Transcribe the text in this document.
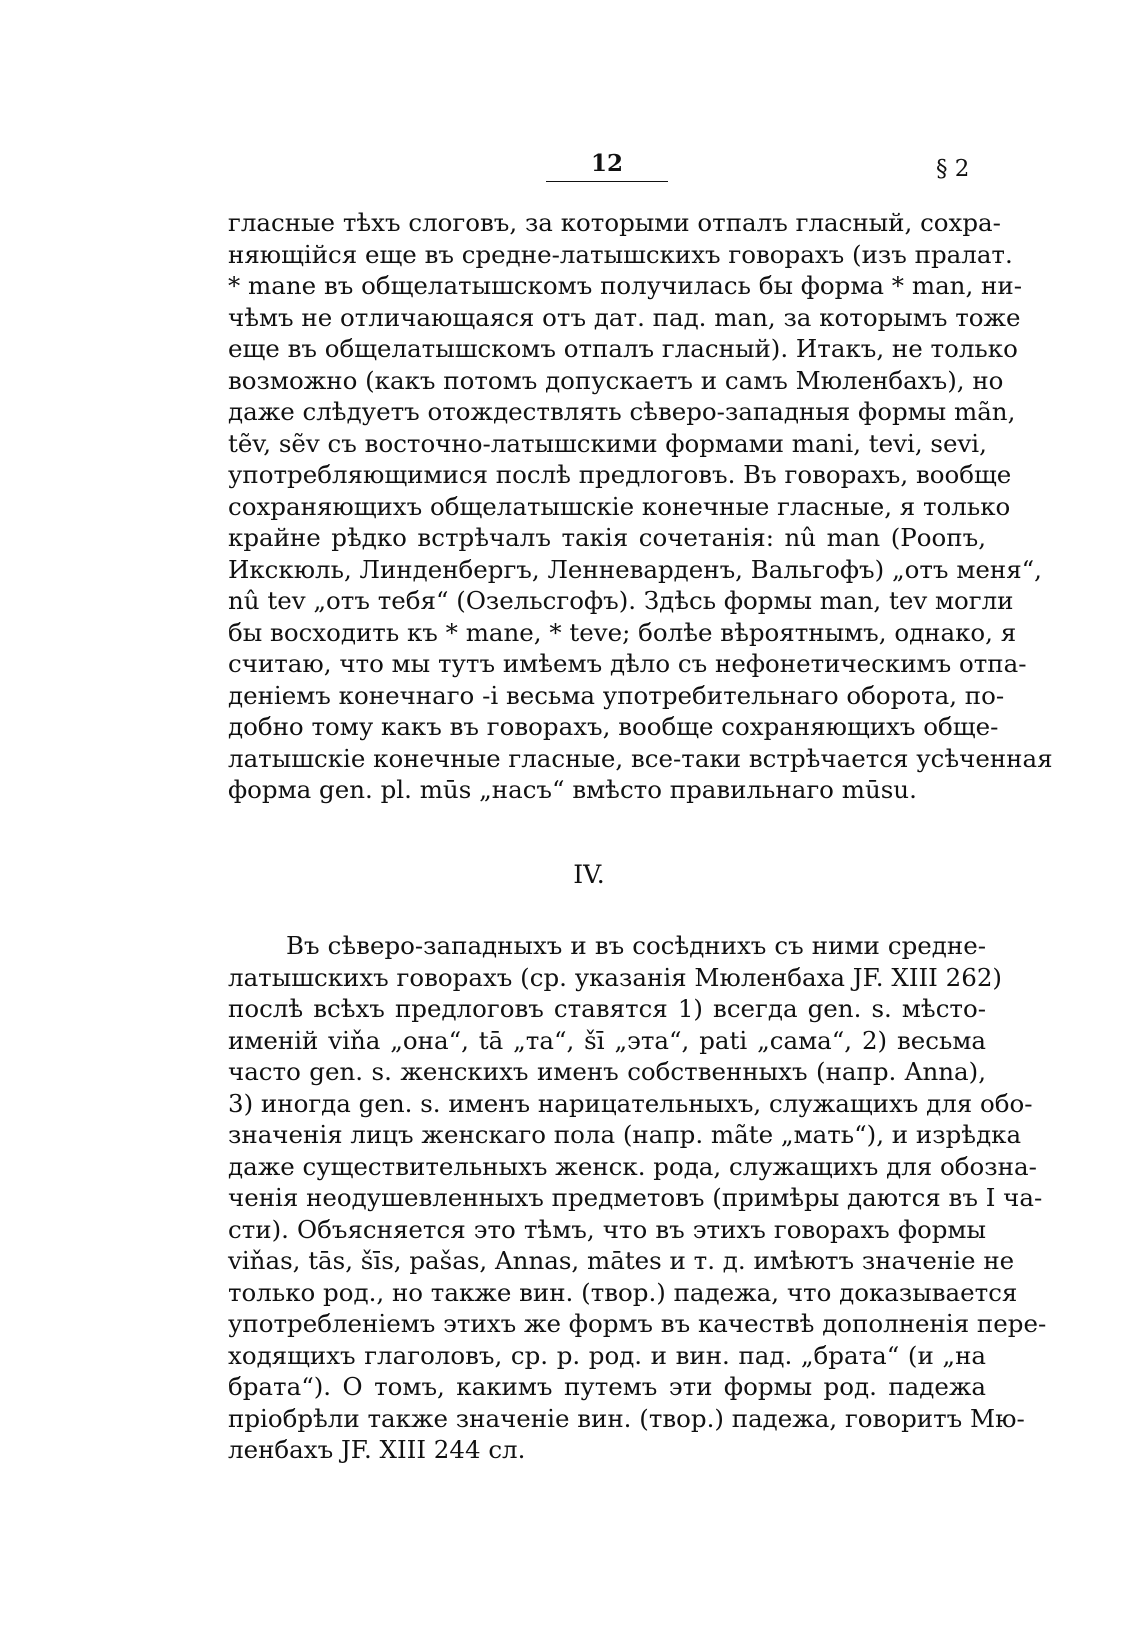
12	§ 2
гласные тѣхъ слоговъ, за которыми отпалъ гласный, сохра-
няющійся еще въ средне-латышскихъ говорахъ (изъ пралат.
* mane въ общелатышскомъ получилась бы форма * man, ни-
чѣмъ не отличающаяся отъ дат. пад. man, за которымъ тоже
еще въ общелатышскомъ отпалъ гласный). Итакъ, не только
возможно (какъ потомъ допускаетъ и самъ Мюленбахъ), но
даже слѣдуетъ отождествлять сѣверо-западныя формы mãn,
tẽv, sẽv съ восточно-латышскими формами mani, tevi, sevi,
употребляющимися послѣ предлоговъ. Въ говорахъ, вообще
сохраняющихъ общелатышскіе конечные гласные, я только
крайне рѣдко встрѣчалъ такія сочетанія: nû man (Роопъ,
Икскюль, Линденбергъ, Ленневарденъ, Вальгофъ) „отъ меня“,
nû tev „отъ тебя“ (Озельсгофъ). Здѣсь формы man, tev могли
бы восходить къ * mane, * teve; болѣе вѣроятнымъ, однако, я
считаю, что мы тутъ имѣемъ дѣло съ нефонетическимъ отпа-
деніемъ конечнаго -i весьма употребительнаго оборота, по-
добно тому какъ въ говорахъ, вообще сохраняющихъ обще-
латышскіе конечные гласные, все-таки встрѣчается усѣченная
форма gen. pl. mūs „насъ“ вмѣсто правильнаго mūsu.
IV.
Въ сѣверо-западныхъ и въ сосѣднихъ съ ними средне-
латышскихъ говорахъ (ср. указанія Мюленбаха JF. XIII 262)
послѣ всѣхъ предлоговъ ставятся 1) всегда gen. s. мѣсто-
именій viňa „она“, tā „та“, šī „эта“, pati „сама“, 2) весьма
часто gen. s. женскихъ именъ собственныхъ (напр. Anna),
3) иногда gen. s. именъ нарицательныхъ, служащихъ для обо-
значенія лицъ женскаго пола (напр. mãte „мать“), и изрѣдка
даже существительныхъ женск. рода, служащихъ для обозна-
ченія неодушевленныхъ предметовъ (примѣры даются въ I ча-
сти). Объясняется это тѣмъ, что въ этихъ говорахъ формы
viňas, tās, šīs, pašas, Annas, mātes и т. д. имѣютъ значеніе не
только род., но также вин. (твор.) падежа, что доказывается
употребленіемъ этихъ же формъ въ качествѣ дополненія пере-
ходящихъ глаголовъ, ср. р. род. и вин. пад. „брата“ (и „на
брата“). О томъ, какимъ путемъ эти формы род. падежа
пріобрѣли также значеніе вин. (твор.) падежа, говоритъ Мю-
ленбахъ JF. XIII 244 сл.
